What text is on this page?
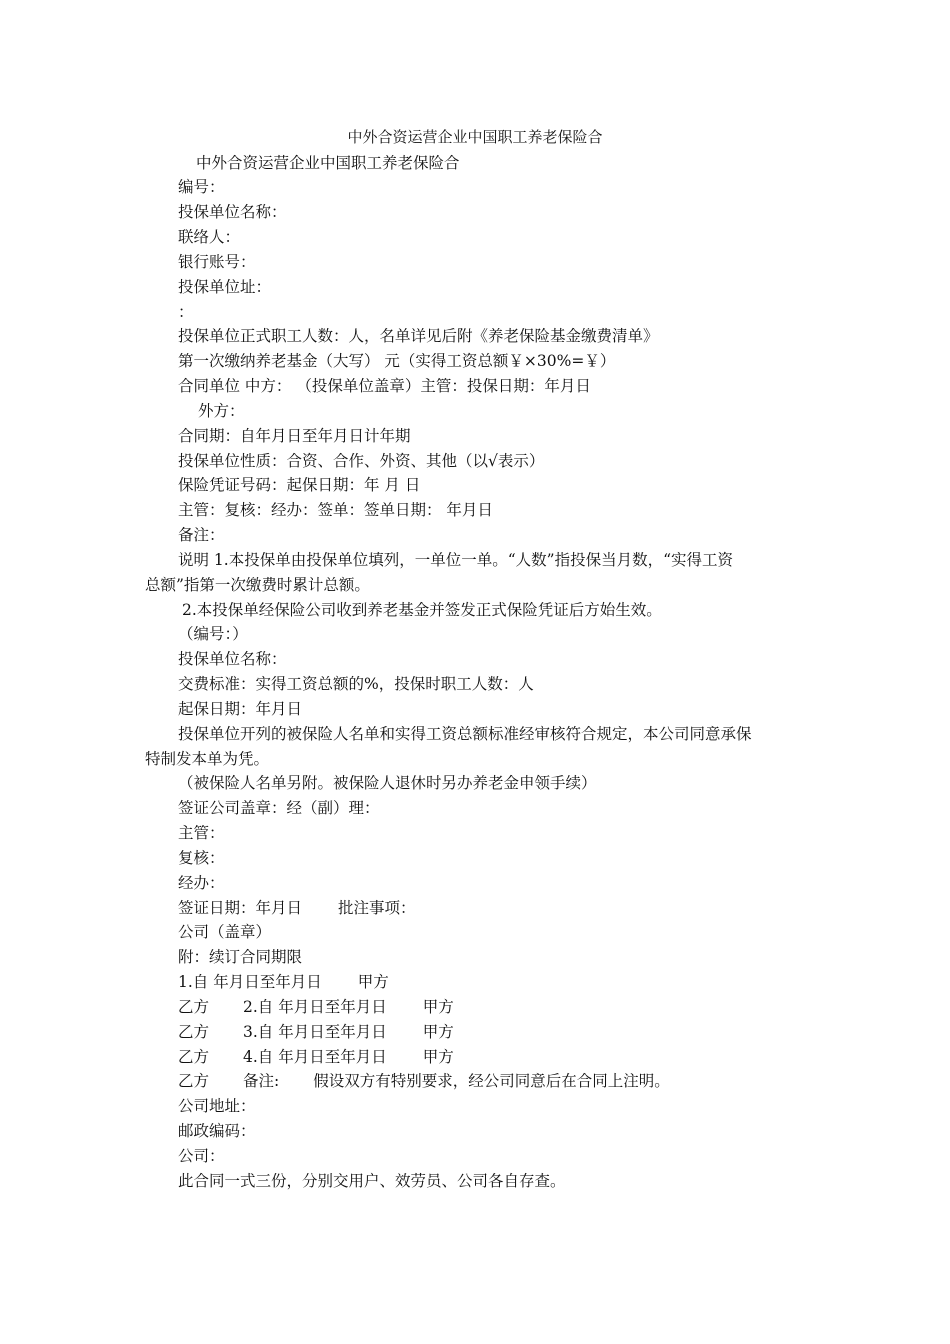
中外合资运营企业中国职工养老保险合
中外合资运营企业中国职工养老保险合
编号：
投保单位名称：
联络人：
银行账号：
投保单位址：
：
投保单位正式职工人数：人，名单详见后附《养老保险基金缴费清单》
第一次缴纳养老基金（大写） 元（实得工资总额￥×30%=￥）
合同单位 中方： （投保单位盖章）主管：投保日期：年月日
外方：
合同期：自年月日至年月日计年期
投保单位性质：合资、合作、外资、其他（以√表示）
保险凭证号码：起保日期：年 月 日
主管：复核：经办：签单：签单日期： 年月日
备注：
说明 1.本投保单由投保单位填列，一单位一单。“人数”指投保当月数，“实得工资
总额”指第一次缴费时累计总额。
2.本投保单经保险公司收到养老基金并签发正式保险凭证后方始生效。
（编号：）
投保单位名称：
交费标准：实得工资总额的%，投保时职工人数：人
起保日期：年月日
投保单位开列的被保险人名单和实得工资总额标准经审核符合规定，本公司同意承保
特制发本单为凭。
（被保险人名单另附。被保险人退休时另办养老金申领手续）
签证公司盖章：经（副）理：
主管：
复核：
经办：
签证日期：年月日 批注事项：
公司（盖章）
附：续订合同期限
1.自 年月日至年月日 甲方
乙方 2.自 年月日至年月日 甲方
乙方 3.自 年月日至年月日 甲方
乙方 4.自 年月日至年月日 甲方
乙方 备注: 假设双方有特别要求，经公司同意后在合同上注明。
公司地址：
邮政编码：
公司：
此合同一式三份，分别交用户、效劳员、公司各自存查。
